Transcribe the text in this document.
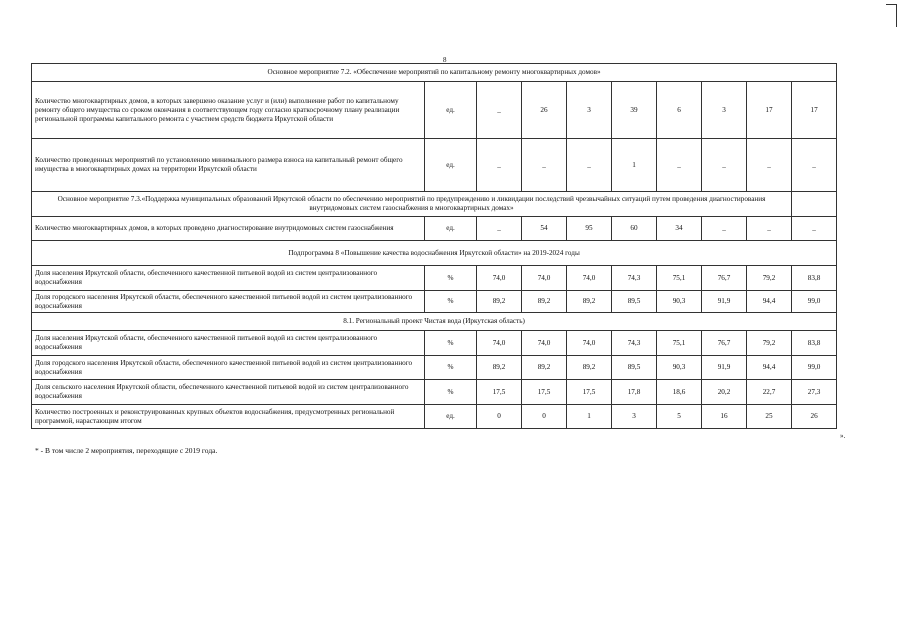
8
Основное мероприятие 7.2. «Обеспечение мероприятий по капитальному ремонту многоквартирных домов»									
Количество многоквартирных домов, в которых завершено оказание услуг и (или) выполнение работ по капитальному ремонту общего имущества со сроком окончания в соответствующем году согласно краткосрочному плану реализации региональной программы капитального ремонта с участием средств бюджета Иркутской области	ед.	_	26	3	39	6	3	17	17
Количество проведенных мероприятий по установлению минимального размера взноса на капитальный ремонт общего имущества в многоквартирных домах на территории Иркутской области	ед.	_	_	_	1	_	_	_	_
Основное мероприятие 7.3.«Поддержка муниципальных образований Иркутской области по обеспечению мероприятий по предупреждению и ликвидации последствий чрезвычайных ситуаций путем проведения диагностирования внутридомовых систем газоснабжения в многоквартирных домах»									
Количество многоквартирных домов, в которых проведено диагностирование внутридомовых систем газоснабжения	ед.	_	54	95	60	34	_	_	_
Подпрограмма 8 «Повышение качества водоснабжения Иркутской области» на 2019-2024 годы									
Доля населения Иркутской области, обеспеченного качественной питьевой водой из систем централизованного водоснабжения	%	74,0	74,0	74,0	74,3	75,1	76,7	79,2	83,8
Доля городского населения Иркутской области, обеспеченного качественной питьевой водой из систем централизованного водоснабжения	%	89,2	89,2	89,2	89,5	90,3	91,9	94,4	99,0
8.1. Региональный проект Чистая вода (Иркутская область)									
Доля населения Иркутской области, обеспеченного качественной питьевой водой из систем централизованного водоснабжения	%	74,0	74,0	74,0	74,3	75,1	76,7	79,2	83,8
Доля городского населения Иркутской области, обеспеченного качественной питьевой водой из систем централизованного водоснабжения	%	89,2	89,2	89,2	89,5	90,3	91,9	94,4	99,0
Доля сельского населения Иркутской области, обеспеченного качественной питьевой водой из систем централизованного водоснабжения	%	17,5	17,5	17,5	17,8	18,6	20,2	22,7	27,3
Количество построенных и реконструированных крупных объектов водоснабжения, предусмотренных региональной программой, нарастающим итогом	ед.	0	0	1	3	5	16	25	26
».
* - В том числе 2 мероприятия, переходящие с 2019 года.
